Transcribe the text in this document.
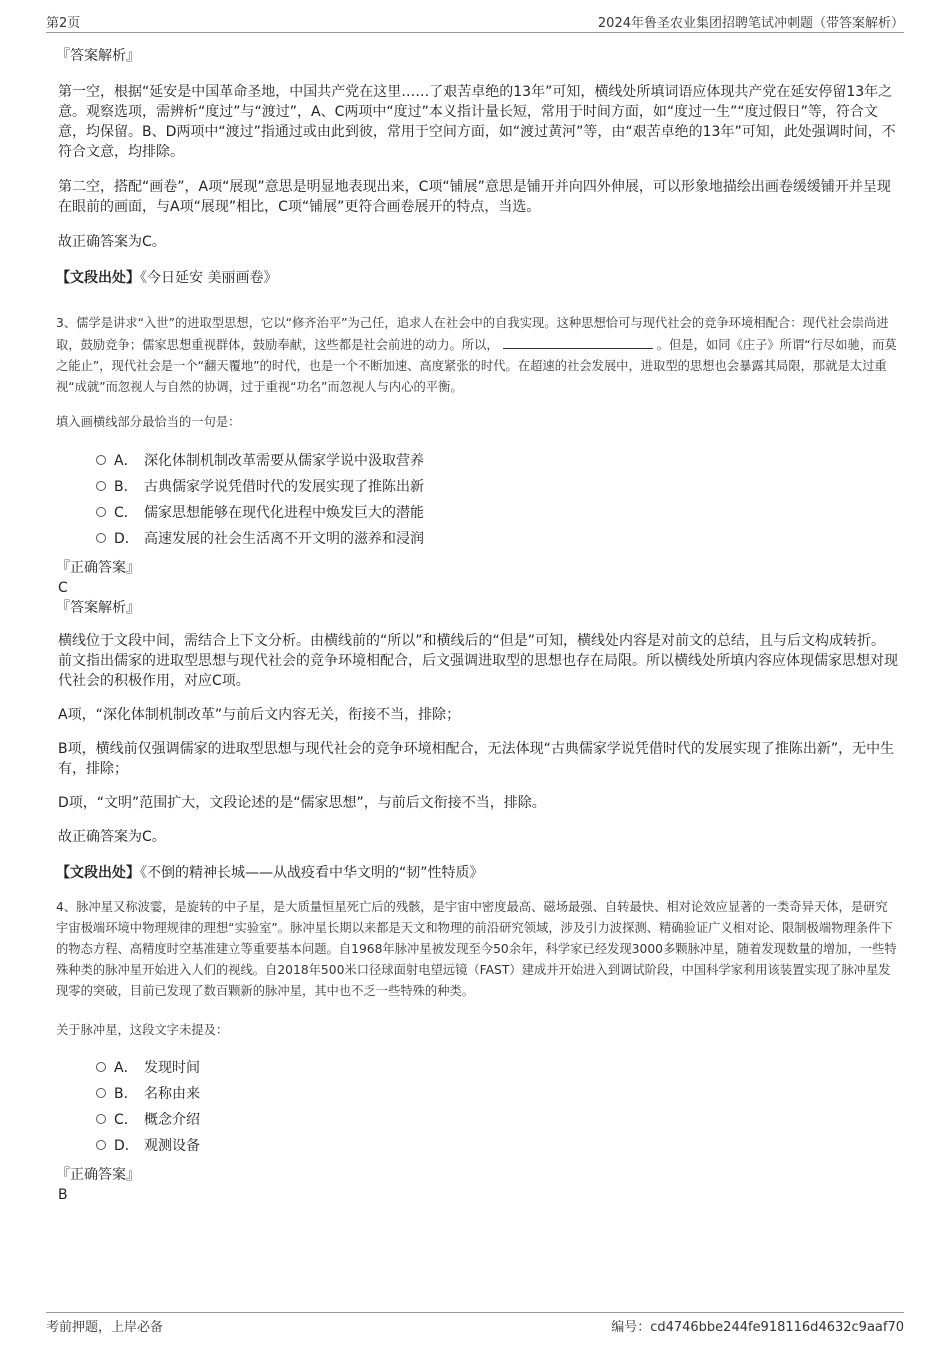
第2页	2024年鲁圣农业集团招聘笔试冲刺题（带答案解析）

『答案解析』

第一空，根据“延安是中国革命圣地，中国共产党在这里……了艰苦卓绝的13年”可知，横线处所填词语应体现共产党在延安停留13年之意。观察选项，需辨析“度过”与“渡过”，A、C两项中“度过”本义指计量长短，常用于时间方面，如“度过一生”“度过假日”等，符合文意，均保留。B、D两项中“渡过”指通过或由此到彼，常用于空间方面，如“渡过黄河”等，由“艰苦卓绝的13年”可知，此处强调时间，不符合文意，均排除。

第二空，搭配“画卷”，A项“展现”意思是明显地表现出来，C项“铺展”意思是铺开并向四外伸展，可以形象地描绘出画卷缓缓铺开并呈现在眼前的画面，与A项“展现”相比，C项“铺展”更符合画卷展开的特点，当选。

故正确答案为C。

【文段出处】《今日延安 美丽画卷》

3、儒学是讲求“入世”的进取型思想，它以“修齐治平”为己任，追求人在社会中的自我实现。这种思想恰可与现代社会的竞争环境相配合：现代社会崇尚进取，鼓励竞争；儒家思想重视群体，鼓励奉献，这些都是社会前进的动力。所以，	。但是，如同《庄子》所谓“行尽如驰，而莫之能止”，现代社会是一个“翻天覆地”的时代，也是一个不断加速、高度紧张的时代。在超速的社会发展中，进取型的思想也会暴露其局限，那就是太过重视“成就”而忽视人与自然的协调，过于重视“功名”而忽视人与内心的平衡。

填入画横线部分最恰当的一句是：

A． 深化体制机制改革需要从儒家学说中汲取营养
B． 古典儒家学说凭借时代的发展实现了推陈出新
C． 儒家思想能够在现代化进程中焕发巨大的潜能
D． 高速发展的社会生活离不开文明的滋养和浸润

『正确答案』

C

『答案解析』

横线位于文段中间，需结合上下文分析。由横线前的“所以”和横线后的“但是”可知，横线处内容是对前文的总结，且与后文构成转折。前文指出儒家的进取型思想与现代社会的竞争环境相配合，后文强调进取型的思想也存在局限。所以横线处所填内容应体现儒家思想对现代社会的积极作用，对应C项。

A项，“深化体制机制改革”与前后文内容无关，衔接不当，排除；

B项，横线前仅强调儒家的进取型思想与现代社会的竞争环境相配合，无法体现“古典儒家学说凭借时代的发展实现了推陈出新”，无中生有，排除；

D项，“文明”范围扩大，文段论述的是“儒家思想”，与前后文衔接不当，排除。

故正确答案为C。

【文段出处】《不倒的精神长城——从战疫看中华文明的“韧”性特质》

4、脉冲星又称波霎，是旋转的中子星，是大质量恒星死亡后的残骸，是宇宙中密度最高、磁场最强、自转最快、相对论效应显著的一类奇异天体，是研究宇宙极端环境中物理规律的理想“实验室”。脉冲星长期以来都是天文和物理的前沿研究领域，涉及引力波探测、精确验证广义相对论、限制极端物理条件下的物态方程、高精度时空基准建立等重要基本问题。自1968年脉冲星被发现至今50余年，科学家已经发现3000多颗脉冲星，随着发现数量的增加，一些特殊种类的脉冲星开始进入人们的视线。自2018年500米口径球面射电望远镜（FAST）建成并开始进入到调试阶段，中国科学家利用该装置实现了脉冲星发现零的突破，目前已发现了数百颗新的脉冲星，其中也不乏一些特殊的种类。

关于脉冲星，这段文字未提及：

A． 发现时间
B． 名称由来
C． 概念介绍
D． 观测设备

『正确答案』

B

考前押题，上岸必备	编号：cd4746bbe244fe918116d4632c9aaf70
